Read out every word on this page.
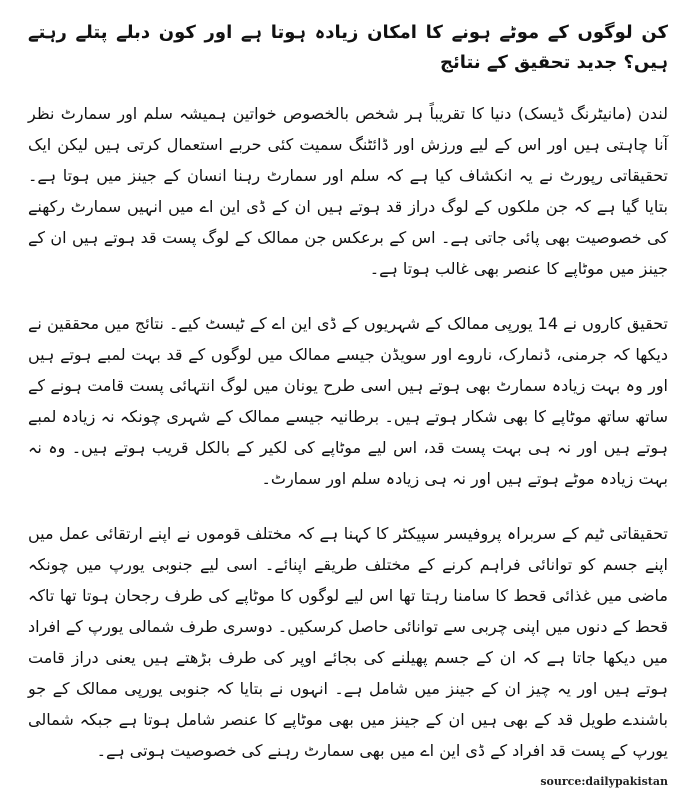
کن لوگوں کے موٹے ہونے کا امکان زیادہ ہوتا ہے اور کون دبلے پتلے رہتے ہیں؟ جدید تحقیق کے نتائج

لندن (مانیٹرنگ ڈیسک) دنیا کا تقریباً ہر شخص بالخصوص خواتین ہمیشہ سلم اور سمارٹ نظر آنا چاہتی ہیں اور اس کے لیے ورزش اور ڈائٹنگ سمیت کئی حربے استعمال کرتی ہیں لیکن ایک تحقیقاتی رپورٹ نے یہ انکشاف کیا ہے کہ سلم اور سمارٹ رہنا انسان کے جینز میں ہوتا ہے۔ بتایا گیا ہے کہ جن ملکوں کے لوگ دراز قد ہوتے ہیں ان کے ڈی این اے میں انہیں سمارٹ رکھنے کی خصوصیت بھی پائی جاتی ہے۔ اس کے برعکس جن ممالک کے لوگ پست قد ہوتے ہیں ان کے جینز میں موٹاپے کا عنصر بھی غالب ہوتا ہے۔

تحقیق کاروں نے 14 یورپی ممالک کے شہریوں کے ڈی این اے کے ٹیسٹ کیے۔ نتائج میں محققین نے دیکھا کہ جرمنی، ڈنمارک، ناروے اور سویڈن جیسے ممالک میں لوگوں کے قد بہت لمبے ہوتے ہیں اور وہ بہت زیادہ سمارٹ بھی ہوتے ہیں اسی طرح یونان میں لوگ انتہائی پست قامت ہونے کے ساتھ ساتھ موٹاپے کا بھی شکار ہوتے ہیں۔ برطانیہ جیسے ممالک کے شہری چونکہ نہ زیادہ لمبے ہوتے ہیں اور نہ ہی بہت پست قد، اس لیے موٹاپے کی لکیر کے بالکل قریب ہوتے ہیں۔ وہ نہ بہت زیادہ موٹے ہوتے ہیں اور نہ ہی زیادہ سلم اور سمارٹ۔

تحقیقاتی ٹیم کے سربراہ پروفیسر سپیکٹر کا کہنا ہے کہ مختلف قوموں نے اپنے ارتقائی عمل میں اپنے جسم کو توانائی فراہم کرنے کے مختلف طریقے اپنائے۔ اسی لیے جنوبی یورپ میں چونکہ ماضی میں غذائی قحط کا سامنا رہتا تھا اس لیے لوگوں کا موٹاپے کی طرف رجحان ہوتا تھا تاکہ قحط کے دنوں میں اپنی چربی سے توانائی حاصل کرسکیں۔ دوسری طرف شمالی یورپ کے افراد میں دیکھا جاتا ہے کہ ان کے جسم پھیلنے کی بجائے اوپر کی طرف بڑھتے ہیں یعنی دراز قامت ہوتے ہیں اور یہ چیز ان کے جینز میں شامل ہے۔ انہوں نے بتایا کہ جنوبی یورپی ممالک کے جو باشندے طویل قد کے بھی ہیں ان کے جینز میں بھی موٹاپے کا عنصر شامل ہوتا ہے جبکہ شمالی یورپ کے پست قد افراد کے ڈی این اے میں بھی سمارٹ رہنے کی خصوصیت ہوتی ہے۔

source:dailypakistan
